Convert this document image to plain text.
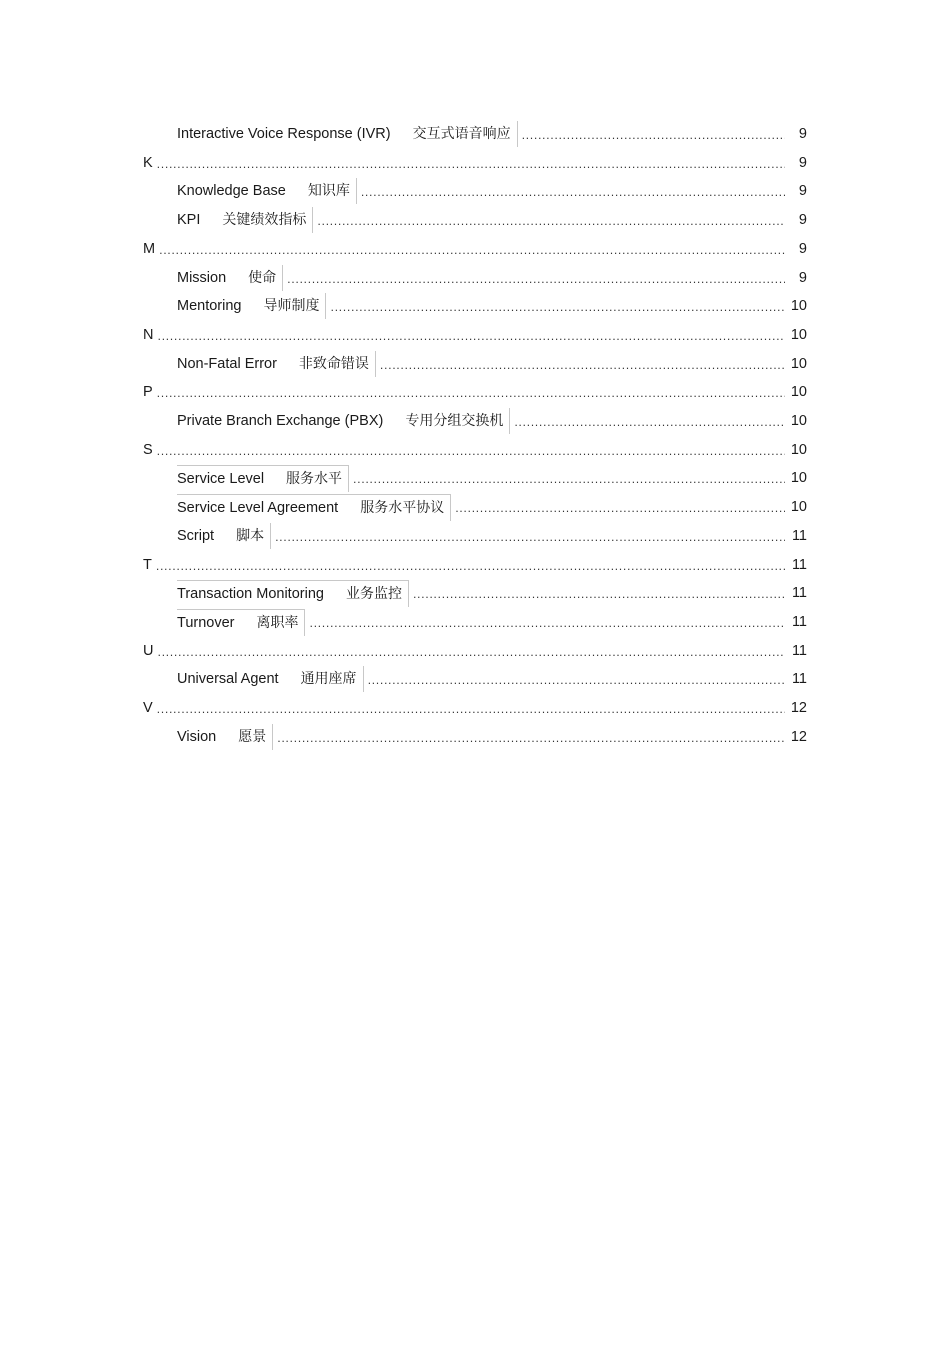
Interactive Voice Response (IVR) 交互式语音响应 .....	9
K .....	9
Knowledge Base 知识库 .....	9
KPI 关键绩效指标 .....	9
M .....	9
Mission 使命 .....	9
Mentoring 导师制度 .....	10
N .....	10
Non-Fatal Error 非致命错误 .....	10
P .....	10
Private Branch Exchange (PBX) 专用分组交换机 .....	10
S .....	10
Service Level 服务水平 .....	10
Service Level Agreement 服务水平协议 .....	10
Script 脚本 .....	11
T .....	11
Transaction Monitoring 业务监控 .....	11
Turnover 离职率 .....	11
U .....	11
Universal Agent 通用座席 .....	11
V .....	12
Vision 愿景 .....	12
